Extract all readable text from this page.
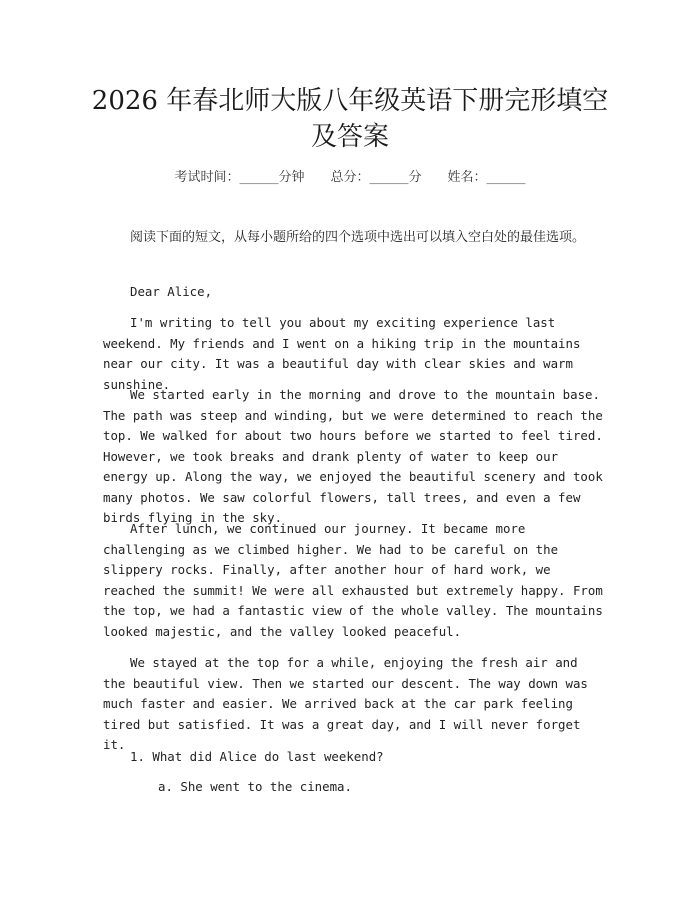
2026 年春北师大版八年级英语下册完形填空
及答案
考试时间：______分钟 总分：______分 姓名：______

阅读下面的短文，从每小题所给的四个选项中选出可以填入空白处的最佳选项。

Dear Alice,

I'm writing to tell you about my exciting experience last weekend. My friends and I went on a hiking trip in the mountains near our city. It was a beautiful day with clear skies and warm sunshine.

We started early in the morning and drove to the mountain base. The path was steep and winding, but we were determined to reach the top. We walked for about two hours before we started to feel tired. However, we took breaks and drank plenty of water to keep our energy up. Along the way, we enjoyed the beautiful scenery and took many photos. We saw colorful flowers, tall trees, and even a few birds flying in the sky.

After lunch, we continued our journey. It became more challenging as we climbed higher. We had to be careful on the slippery rocks. Finally, after another hour of hard work, we reached the summit! We were all exhausted but extremely happy. From the top, we had a fantastic view of the whole valley. The mountains looked majestic, and the valley looked peaceful.

We stayed at the top for a while, enjoying the fresh air and the beautiful view. Then we started our descent. The way down was much faster and easier. We arrived back at the car park feeling tired but satisfied. It was a great day, and I will never forget it.

1. What did Alice do last weekend?

a. She went to the cinema.
